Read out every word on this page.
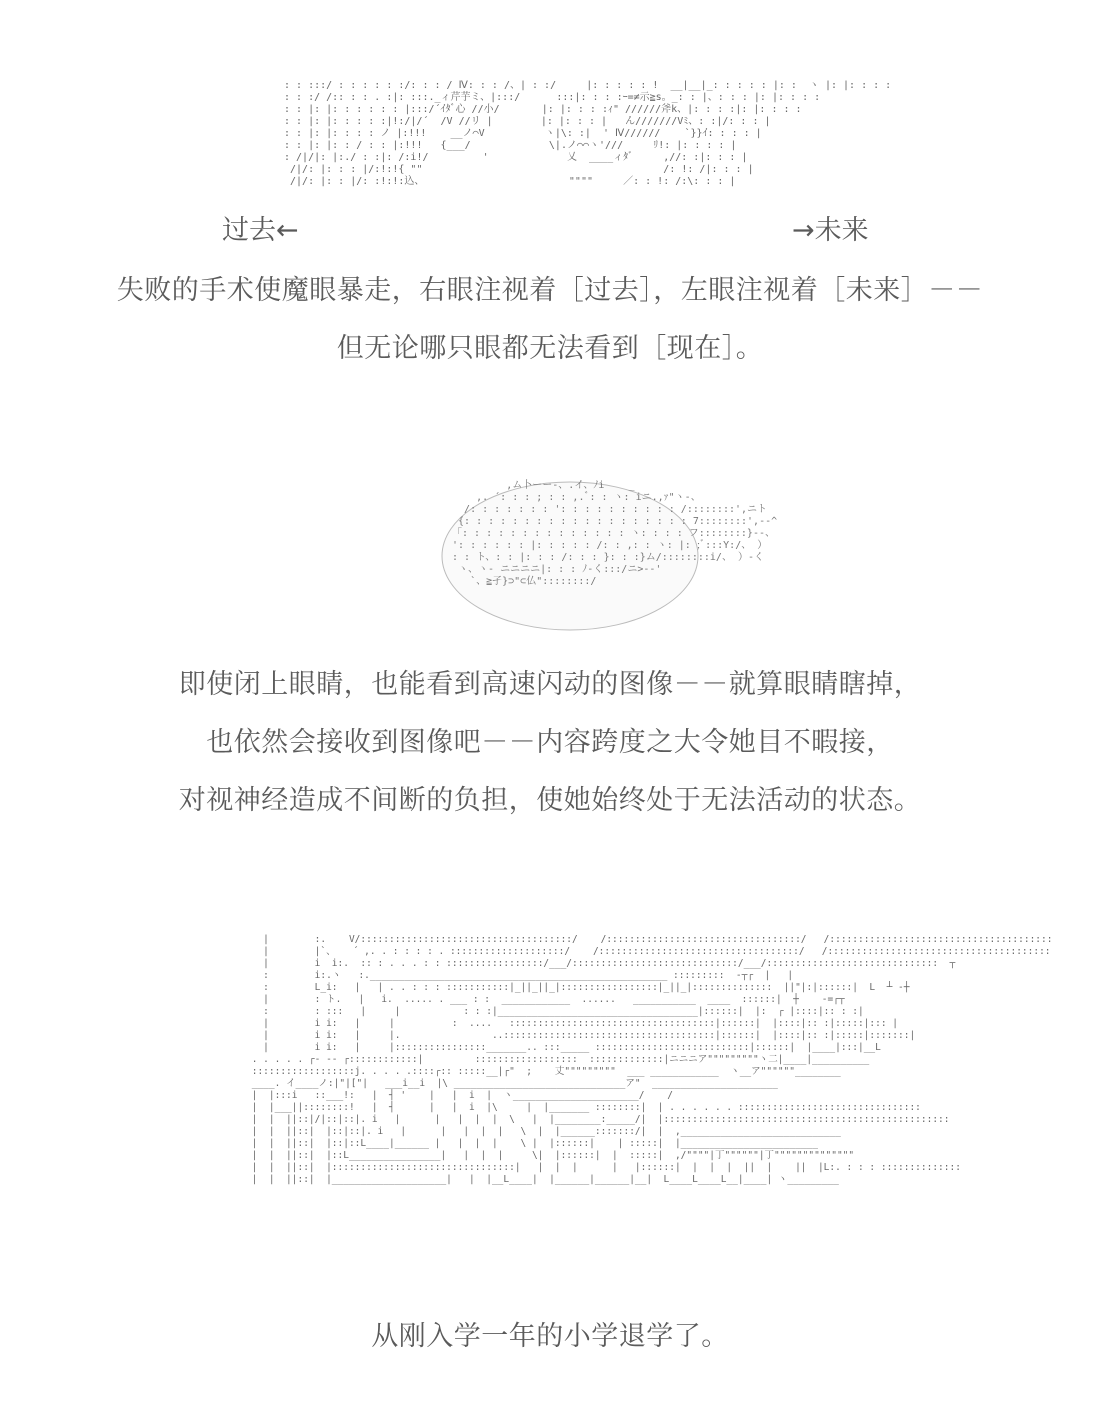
: : :::/ : : : : : :/: : : / Ⅳ: : : /、| : :/     |: : : : : !  __|__|_: : : : : |: :  ヽ |: |: : : :
: : :/ /:: : : . :|: :::._ィ芹芋ミ、|:::/      :::|: : : :ｰ=≠示≧s。_: : |、: : : |: |: : : :
: : |: |: : : : : : |:::/´ｲﾀﾞ心 //小/       |: |: : : :ｨ" //////斧k、|: : : :|: |: : : :
: : |: |: : : : :|!:/|/´  /V //リ |        |: |: : : |   ん///////Vﾐ、: :|/: : : |
: : |: |: : : : ノ |:!!!    __ノ⌒V          ヽ|\: :|  ' Ⅳ//////    `}}ｲ: : : : |
: : |: |: : / : : |:!!!   {___/             \|.ノ⌒⌒ヽ'///     ﾘ!: |: : : : |
: /|/|: |:./ : :|: /:i!/         '             乂  ____ィﾀﾞ     ,//: :|: : : |
/|/: |: : : |/:!:!{ ""                                        /: !: /|: : : |
/|/: |: : |/: :!:!:込、                        """"     ／: : !: /:\: : : |
过去←	→未来
失败的手术使魔眼暴走，右眼注视着［过去］，左眼注视着［未来］－－
但无论哪只眼都无法看到［现在］。
,ム卜ーー-、.イ、ﾉi    _
,. ´: : : ; : : ,.ﾞ: : ヽ: iニ.,ｧ"ヽ-、
/: : : : : : : ': : : : : : : : : : /::::::::',ニト
{: : : : : : : : : : : : : : : : : : : 7::::::::',--^
「: : : : : : : : : : : : : : ヽ: : : : フ::::::::}--、
': : : : : : |: : : : : /: : ,: : ヽ: |: ;ﾞ:::Y:/、 ）
: : ト、: : |: : : /: : : }: : :}ム/::::::::i/、 ）-く
ヽ、ヽ- ニニニニ|: : : ﾉ-く:::/ニ>--'
`、≧孑}⊃"⊂仏"::::::::/
即使闭上眼睛，也能看到高速闪动的图像－－就算眼睛瞎掉，
也依然会接收到图像吧－－内容跨度之大令她目不暇接，
对视神经造成不间断的负担，使她始终处于无法活动的状态。
|        :.    V/:::::::::::::::::::::::::::::::::::::/    /::::::::::::::::::::::::::::::::::/   /:::::::::::::::::::::::::::::::::::::::
|        |`、   ´ ,. . : : : : . ::::::::::::::::::::/    /:::::::::::::::::::::::::::::::::::/   /:::::::::::::::::::::::::::::::::::::::
|        i  i:.  :: : . . . : : :::::::::::::::::/___/:::::::::::::::::::::::::::::/___/::::::::::::::::::::::::::::::  ┬
:        i:.ヽ   :.____________________________________________________ :::::::::  -┬┌  |   |
:        L_i:   |   | . . : : : :::::::::::|_||_||_|:::::::::::::::::|_||_|::::::::::::::  ||"|:|::::::|  L  ┴ -┼
|        : ト.   |   i.  ..... . ___ : :  ____________  ......   ___________  ____  ::::::|  ┼    -=┌┬
:        : :::   |     |           : : :|___________________________________|::::::|  |:  ┌ |::::|:: : :|
|        i i:   |     |          :  ....   ::::::::::::::::::::::::::::::::::::|::::::|  |::::|:: :|:::::|::: |
|        i i:   |     |.                ..:::::::::::::::::::::::::::::::::::::|::::::|  |::::|:: :|:::::|:::::::|
|        i i:   |     |::::::::::::::::_______.. :::_____ :::::::::::::::::::::::::::|::::::|  |____|:::|__L
. . . . . ┌- -- ┌::::::::::::|         ::::::::::::::::::  :::::::::::::|ニニニア"""""""""ヽ二|____|__________
::::::::::::::::::j. . . . .::::┌:: :::::__|┌"  ;    丈"""""""""  ___ ____________  ヽ__ア""""""________
____. イ____ノ:|"|["|   ___i__i  |\ ______________________________ア"  ______________________
|  |:::i   ::___!:   |  ┤ '    |   |  i  |  ヽ______________________/    /
|  |___||::::::::!   |  ┤      |   |  i  |\     |  |_______ ::::::::|  | . . . . . . ::::::::::::::::::::::::::::::::
|  |  ||::|/|::|::|. i   |      |   |  |  |  \   |  |________:_____/|  |::::::::::::::::::::::::::::::::::::::::::::::::::
|  |  ||::|  |::|::|. i   |      |   |  |  |   \  |  |______:::::::/|  |  ,____________________________
|  |  ||::|  |::|::L____|______ |   |  |  |    \ |  |::::::|    | :::::|  |________________________
|  |  ||::|  |::L________________|   |  |  |     \|  |::::::|  |  :::::|  ,/""""|丁""""""|丁""""""""""""""
|  |  ||::|  |::::::::::::::::::::::::::::::::|   |  |  |      |   |::::::|  |  |  |  ||  |    ||  |L:. : : : ::::::::::::::
|  |  ||::|  |____________________|   |  |__L____|  |______|______|__|  L____L____L__|____| ヽ_________
从刚入学一年的小学退学了。
